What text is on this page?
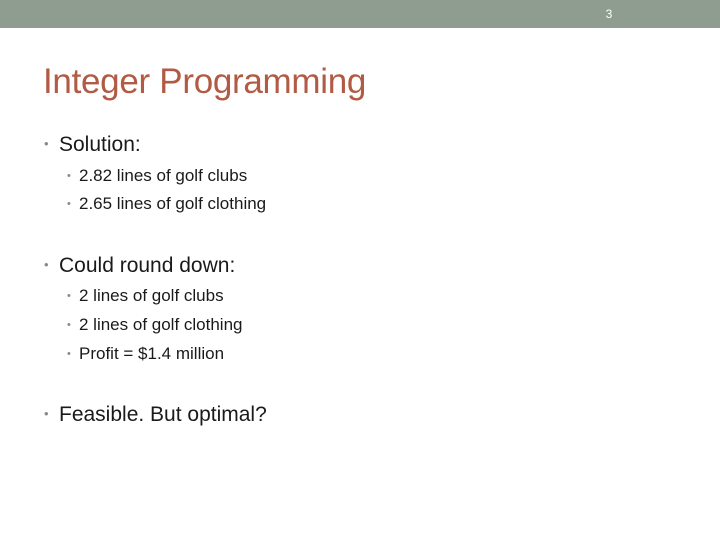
3
Integer Programming
• Solution:
• 2.82 lines of golf clubs
• 2.65 lines of golf clothing
• Could round down:
• 2 lines of golf clubs
• 2 lines of golf clothing
• Profit = $1.4 million
• Feasible. But optimal?
